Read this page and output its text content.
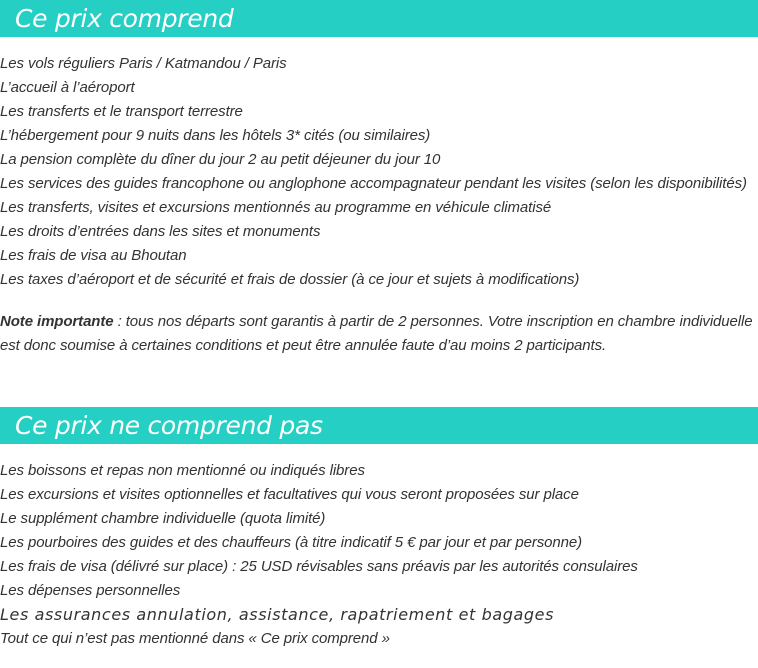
Ce prix comprend
Les vols réguliers Paris / Katmandou / Paris
L’accueil à l’aéroport
Les transferts et le transport terrestre
L’hébergement pour 9 nuits dans les hôtels 3* cités (ou similaires)
La pension complète du dîner du jour 2 au petit déjeuner du jour 10
Les services des guides francophone ou anglophone accompagnateur pendant les visites (selon les disponibilités)
Les transferts, visites et excursions mentionnés au programme en véhicule climatisé
Les droits d’entrées dans les sites et monuments
Les frais de visa au Bhoutan
Les taxes d’aéroport et de sécurité et frais de dossier (à ce jour et sujets à modifications)

Note importante : tous nos départs sont garantis à partir de 2 personnes. Votre inscription en chambre individuelle est donc soumise à certaines conditions et peut être annulée faute d’au moins 2 participants.

Ce prix ne comprend pas
Les boissons et repas non mentionné ou indiqués libres
Les excursions et visites optionnelles et facultatives qui vous seront proposées sur place
Le supplément chambre individuelle (quota limité)
Les pourboires des guides et des chauffeurs (à titre indicatif 5 € par jour et par personne)
Les frais de visa (délivré sur place) : 25 USD révisables sans préavis par les autorités consulaires
Les dépenses personnelles
Les assurances annulation, assistance, rapatriement et bagages
Tout ce qui n’est pas mentionné dans « Ce prix comprend »
